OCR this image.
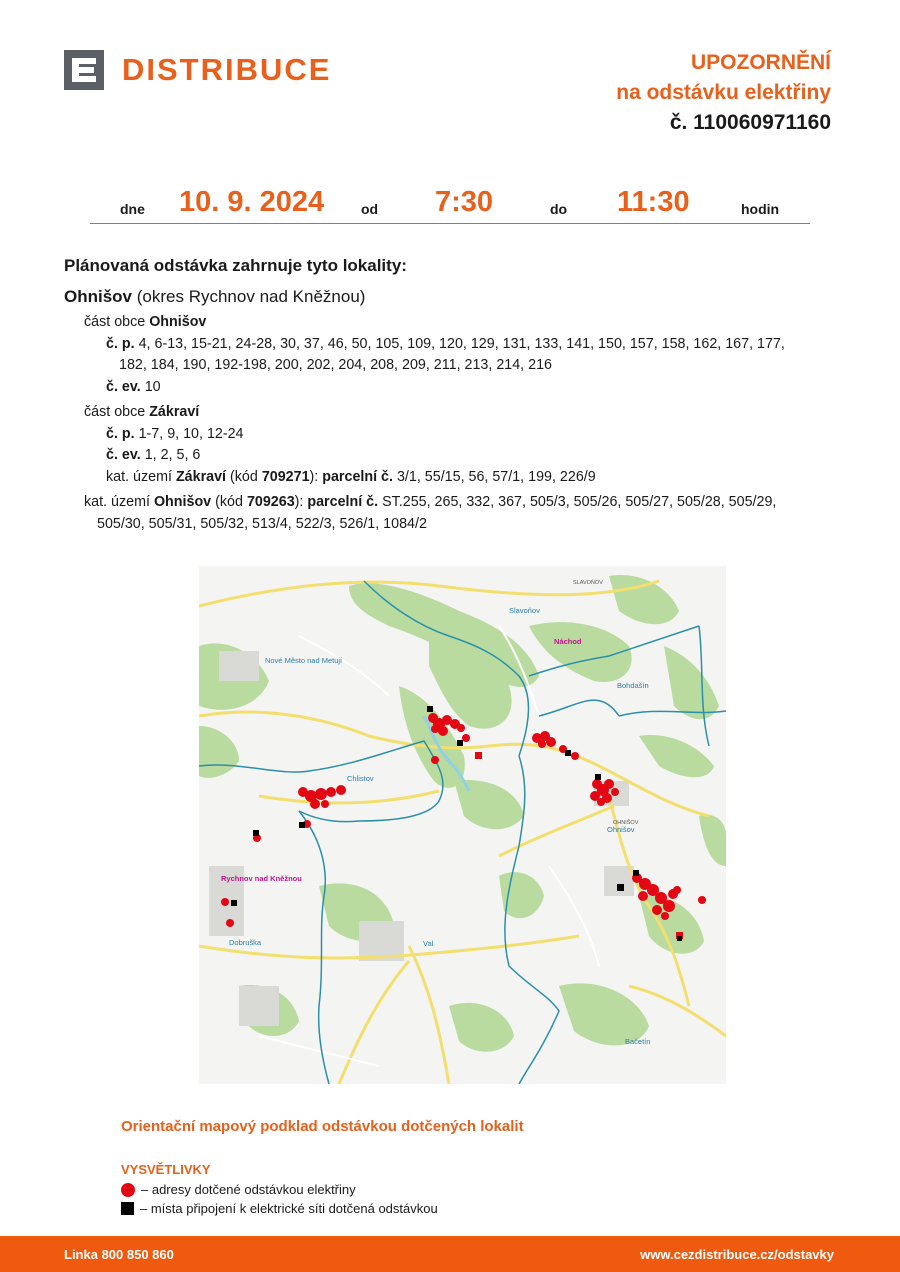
DISTRIBUCE	UPOZORNĚNÍ
na odstávku elektřiny
č. 110060971160
dne 10. 9. 2024	od 7:30	do 11:30	hodin
Plánovaná odstávka zahrnuje tyto lokality:
Ohnišov (okres Rychnov nad Kněžnou)
část obce Ohnišov
č. p. 4, 6-13, 15-21, 24-28, 30, 37, 46, 50, 105, 109, 120, 129, 131, 133, 141, 150, 157, 158, 162, 167, 177,
182, 184, 190, 192-198, 200, 202, 204, 208, 209, 211, 213, 214, 216
č. ev. 10
část obce Zákraví
č. p. 1-7, 9, 10, 12-24
č. ev. 1, 2, 5, 6
kat. území Zákraví (kód 709271): parcelní č. 3/1, 55/15, 56, 57/1, 199, 226/9
kat. území Ohnišov (kód 709263): parcelní č. ST.255, 265, 332, 367, 505/3, 505/26, 505/27, 505/28, 505/29,
505/30, 505/31, 505/32, 513/4, 522/3, 526/1, 1084/2
Slavoňov
SLAVOŇOV
Náchod
Nové Město nad Metují
Bohdašín
Chlistov
Ohnišov
OHNIŠOV
Rychnov nad Kněžnou
Dobruška	Val
Bačetín
Orientační mapový podklad odstávkou dotčených lokalit
VYSVĚTLIVKY
– adresy dotčené odstávkou elektřiny
– místa připojení k elektrické síti dotčená odstávkou
Linka 800 850 860	www.cezdistribuce.cz/odstavky
